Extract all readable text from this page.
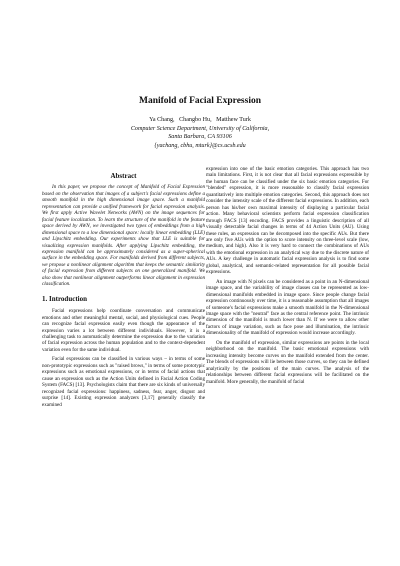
Manifold of Facial Expression
Ya Chang,   Changbo Hu,   Matthew Turk
Computer Science Department, University of California,
Santa Barbara, CA 93106
{yachang, cbhu, mturk}@cs.ucsb.edu
Abstract

In this paper, we propose the concept of Manifold of Facial Expression based on the observation that images of a subject's facial expressions define a smooth manifold in the high dimensional image space. Such a manifold representation can provide a unified framework for facial expression analysis. We first apply Active Wavelet Networks (AWN) on the image sequences for facial feature localization. To learn the structure of the manifold in the feature space derived by AWN, we investigated two types of embeddings from a high dimensional space to a low dimensional space: locally linear embedding (LLE) and Lipschitz embedding. Our experiments show that LLE is suitable for visualizing expression manifolds. After applying Lipschitz embedding, the expression manifold can be approximately considered as a super-spherical surface in the embedding space. For manifolds derived from different subjects, we propose a nonlinear alignment algorithm that keeps the semantic similarity of facial expression from different subjects on one generalized manifold. We also show that nonlinear alignment outperforms linear alignment in expression classification.

1. Introduction

Facial expressions help coordinate conversation and communicate emotions and other meaningful mental, social, and physiological cues. People can recognize facial expression easily even though the appearance of the expression varies a lot between different individuals. However, it is a challenging task to automatically determine the expression due to the variation of facial expression across the human population and to the context-dependent variation even for the same individual.

Facial expressions can be classified in various ways – in terms of some non-prototypic expressions such as "raised brows," in terms of some prototypic expressions such as emotional expressions, or in terms of facial actions that cause an expression such as the Action Units defined in Facial Action Coding System (FACS) [13]. Psychologists claim that there are six kinds of universally recognized facial expressions: happiness, sadness, fear, anger, disgust and surprise [14]. Existing expression analyzers [3,17] generally classify the examined

expression into one of the basic emotion categories. This approach has two main limitations. First, it is not clear that all facial expressions expressible by the human face can be classified under the six basic emotion categories. For "blended" expression, it is more reasonable to classify facial expression quantitatively into multiple emotion categories. Second, this approach does not consider the intensity scale of the different facial expressions. In addition, each person has his/her own maximal intensity of displaying a particular facial action. Many behavioral scientists perform facial expression classification through FACS [13] encoding. FACS provides a linguistic description of all visually detectable facial changes in terms of 44 Action Units (AU). Using these rules, an expression can be decomposed into the specific AUs. But there are only five AUs with the option to score intensity on three-level scale (low, medium, and high). Also it is very hard to connect the combinations of AUs with the emotional expression in an analytical way due to the discrete nature of AUs. A key challenge in automatic facial expression analysis is to find some global, analytical, and semantic-related representation for all possible facial expressions.

An image with N pixels can be considered as a point in an N-dimensional image space, and the variability of image classes can be represented as low-dimensional manifolds embedded in image space. Since people change facial expression continuously over time, it is a reasonable assumption that all images of someone's facial expressions make a smooth manifold in the N-dimensional image space with the "neutral" face as the central reference point. The intrinsic dimension of the manifold is much lower than N. If we were to allow other factors of image variation, such as face pose and illumination, the intrinsic dimensionality of the manifold of expression would increase accordingly.

On the manifold of expression, similar expressions are points in the local neighborhood on the manifold. The basic emotional expressions with increasing intensity become curves on the manifold extended from the center. The blends of expressions will lie between those curves, so they can be defined analytically by the positions of the main curves. The analysis of the relationships between different facial expressions will be facilitated on the manifold. More generally, the manifold of facial
